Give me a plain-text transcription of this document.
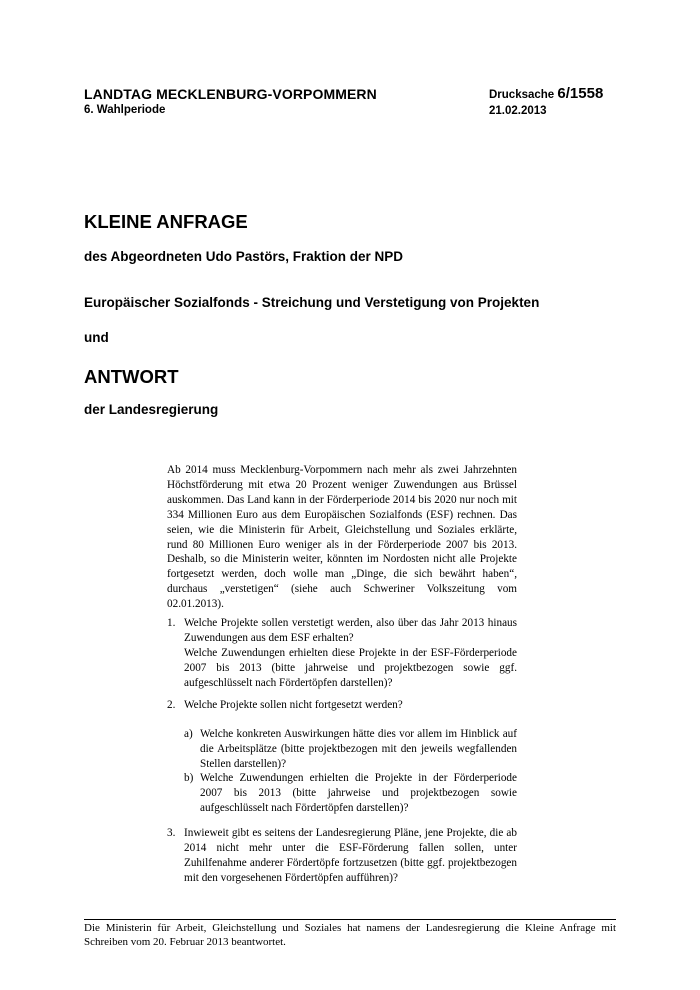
LANDTAG MECKLENBURG-VORPOMMERN
6. Wahlperiode
Drucksache 6/1558
21.02.2013
KLEINE ANFRAGE
des Abgeordneten Udo Pastörs, Fraktion der NPD
Europäischer Sozialfonds - Streichung und Verstetigung von Projekten
und
ANTWORT
der Landesregierung
Ab 2014 muss Mecklenburg-Vorpommern nach mehr als zwei Jahrzehnten Höchstförderung mit etwa 20 Prozent weniger Zuwendungen aus Brüssel auskommen. Das Land kann in der Förderperiode 2014 bis 2020 nur noch mit 334 Millionen Euro aus dem Europäischen Sozialfonds (ESF) rechnen. Das seien, wie die Ministerin für Arbeit, Gleichstellung und Soziales erklärte, rund 80 Millionen Euro weniger als in der Förderperiode 2007 bis 2013. Deshalb, so die Ministerin weiter, könnten im Nordosten nicht alle Projekte fortgesetzt werden, doch wolle man „Dinge, die sich bewährt haben“, durchaus „verstetigen“ (siehe auch Schweriner Volkszeitung vom 02.01.2013).
1. Welche Projekte sollen verstetigt werden, also über das Jahr 2013 hinaus Zuwendungen aus dem ESF erhalten?
Welche Zuwendungen erhielten diese Projekte in der ESF-Förderperiode 2007 bis 2013 (bitte jahrweise und projektbezogen sowie ggf. aufgeschlüsselt nach Fördertöpfen darstellen)?
2. Welche Projekte sollen nicht fortgesetzt werden?
a) Welche konkreten Auswirkungen hätte dies vor allem im Hinblick auf die Arbeitsplätze (bitte projektbezogen mit den jeweils wegfallenden Stellen darstellen)?
b) Welche Zuwendungen erhielten die Projekte in der Förderperiode 2007 bis 2013 (bitte jahrweise und projektbezogen sowie aufgeschlüsselt nach Fördertöpfen darstellen)?
3. Inwieweit gibt es seitens der Landesregierung Pläne, jene Projekte, die ab 2014 nicht mehr unter die ESF-Förderung fallen sollen, unter Zuhilfenahme anderer Fördertöpfe fortzusetzen (bitte ggf. projektbezogen mit den vorgesehenen Fördertöpfen aufführen)?
Die Ministerin für Arbeit, Gleichstellung und Soziales hat namens der Landesregierung die Kleine Anfrage mit Schreiben vom 20. Februar 2013 beantwortet.
